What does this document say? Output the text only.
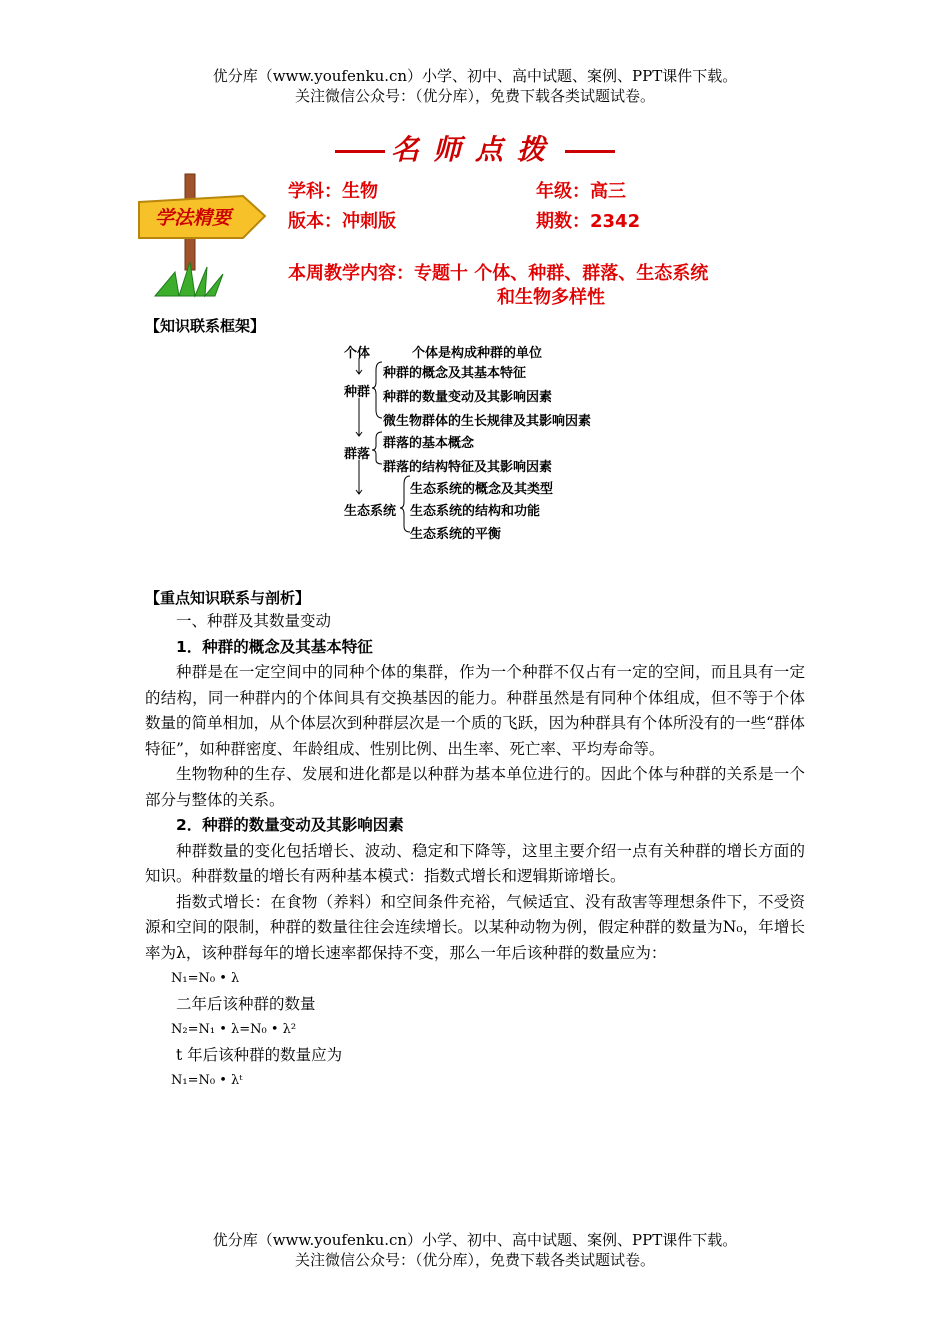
优分库（www.youfenku.cn）小学、初中、高中试题、案例、PPT课件下载。
关注微信公众号：（优分库），免费下载各类试题试卷。
名师点拨
学法精要
学科：生物	年级：高三
版本：冲刺版	期数：2342
本周教学内容：专题十 个体、种群、群落、生态系统
和生物多样性
【知识联系框架】
个体	个体是构成种群的单位
种群
种群的概念及其基本特征
种群的数量变动及其影响因素
微生物群体的生长规律及其影响因素
群落
群落的基本概念
群落的结构特征及其影响因素
生态系统
生态系统的概念及其类型
生态系统的结构和功能
生态系统的平衡
【重点知识联系与剖析】

一、种群及其数量变动

1．种群的概念及其基本特征

种群是在一定空间中的同种个体的集群，作为一个种群不仅占有一定的空间，而且具有一定的结构，同一种群内的个体间具有交换基因的能力。种群虽然是有同种个体组成，但不等于个体数量的简单相加，从个体层次到种群层次是一个质的飞跃，因为种群具有个体所没有的一些“群体特征”，如种群密度、年龄组成、性别比例、出生率、死亡率、平均寿命等。

生物物种的生存、发展和进化都是以种群为基本单位进行的。因此个体与种群的关系是一个部分与整体的关系。

2．种群的数量变动及其影响因素

种群数量的变化包括增长、波动、稳定和下降等，这里主要介绍一点有关种群的增长方面的知识。种群数量的增长有两种基本模式：指数式增长和逻辑斯谛增长。

指数式增长：在食物（养料）和空间条件充裕，气候适宜、没有敌害等理想条件下，不受资源和空间的限制，种群的数量往往会连续增长。以某种动物为例，假定种群的数量为N₀，年增长率为λ，该种群每年的增长速率都保持不变，那么一年后该种群的数量应为：

N₁=N₀ • λ

二年后该种群的数量

N₂=N₁ • λ=N₀ • λ²

t 年后该种群的数量应为

N₁=N₀ • λᵗ

优分库（www.youfenku.cn）小学、初中、高中试题、案例、PPT课件下载。
关注微信公众号：（优分库），免费下载各类试题试卷。
